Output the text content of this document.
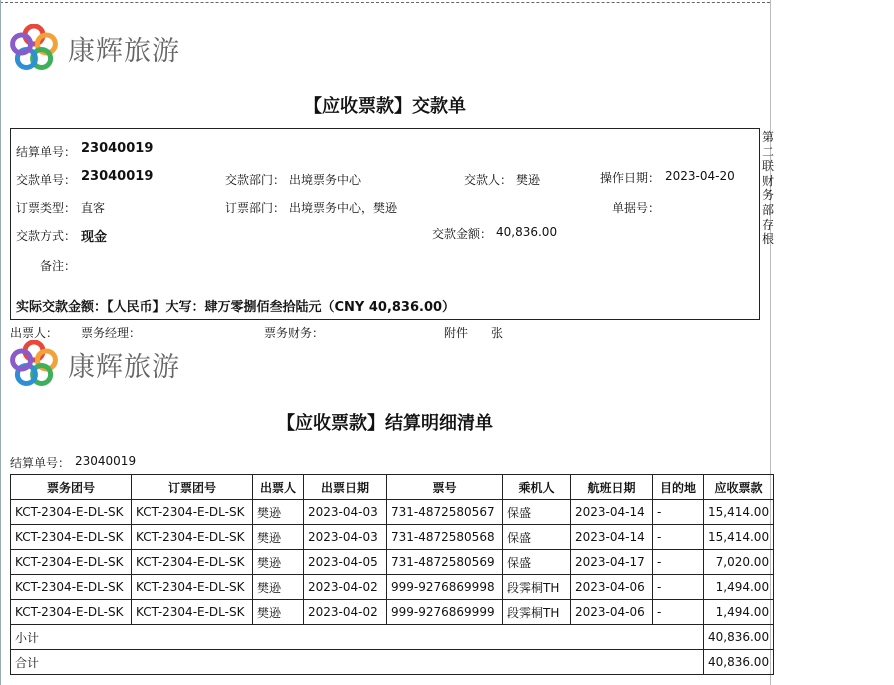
康辉旅游
【应收票款】交款单
结算单号： 23040019
交款单号： 23040019	交款部门： 出境票务中心	交款人： 樊逊	操作日期： 2023-04-20
订票类型： 直客	订票部门： 出境票务中心，樊逊	单据号：
交款方式： 现金	交款金额： 40,836.00
备注：
实际交款金额：【人民币】大写：肆万零捌佰叁拾陆元（CNY 40,836.00）
第二联财务部存根
出票人： 票务经理：	票务财务：	附件 张
康辉旅游
【应收票款】结算明细清单
结算单号： 23040019
票务团号	订票团号	出票人	出票日期	票号	乘机人	航班日期	目的地	应收票款
KCT-2304-E-DL-SK	KCT-2304-E-DL-SK	樊逊	2023-04-03	731-4872580567	保盛	2023-04-14	-	15,414.00
KCT-2304-E-DL-SK	KCT-2304-E-DL-SK	樊逊	2023-04-03	731-4872580568	保盛	2023-04-14	-	15,414.00
KCT-2304-E-DL-SK	KCT-2304-E-DL-SK	樊逊	2023-04-05	731-4872580569	保盛	2023-04-17	-	7,020.00
KCT-2304-E-DL-SK	KCT-2304-E-DL-SK	樊逊	2023-04-02	999-9276869998	段霁桐TH	2023-04-06	-	1,494.00
KCT-2304-E-DL-SK	KCT-2304-E-DL-SK	樊逊	2023-04-02	999-9276869999	段霁桐TH	2023-04-06	-	1,494.00
小计								40,836.00
合计								40,836.00
